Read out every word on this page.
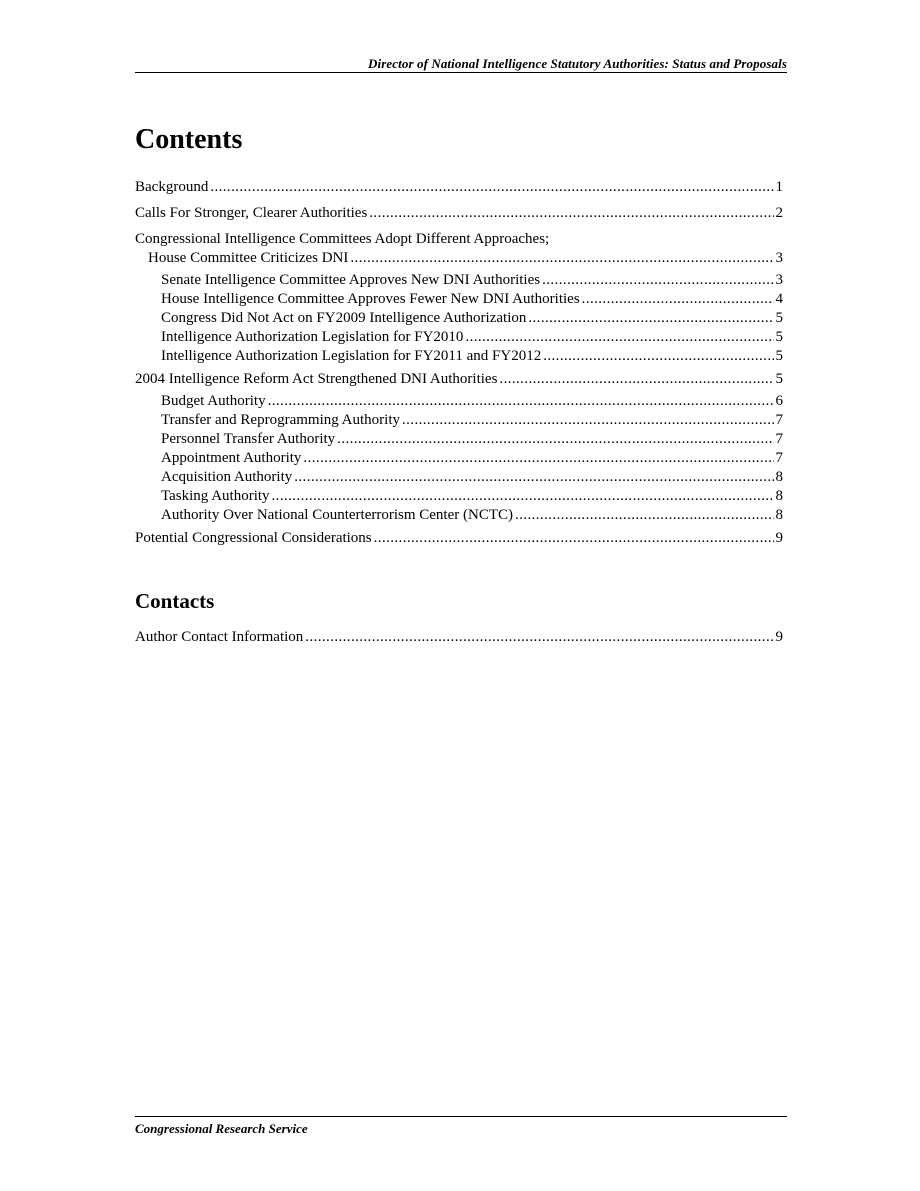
Director of National Intelligence Statutory Authorities: Status and Proposals
Contents
Background .....	1
Calls For Stronger, Clearer Authorities .....	2
Congressional Intelligence Committees Adopt Different Approaches;
House Committee Criticizes DNI .....	3
Senate Intelligence Committee Approves New DNI Authorities .....	3
House Intelligence Committee Approves Fewer New DNI Authorities .....	4
Congress Did Not Act on FY2009 Intelligence Authorization .....	5
Intelligence Authorization Legislation for FY2010 .....	5
Intelligence Authorization Legislation for FY2011 and FY2012 .....	5
2004 Intelligence Reform Act Strengthened DNI Authorities .....	5
Budget Authority .....	6
Transfer and Reprogramming Authority .....	7
Personnel Transfer Authority .....	7
Appointment Authority .....	7
Acquisition Authority .....	8
Tasking Authority .....	8
Authority Over National Counterterrorism Center (NCTC) .....	8
Potential Congressional Considerations .....	9
Contacts
Author Contact Information .....	9
Congressional Research Service
